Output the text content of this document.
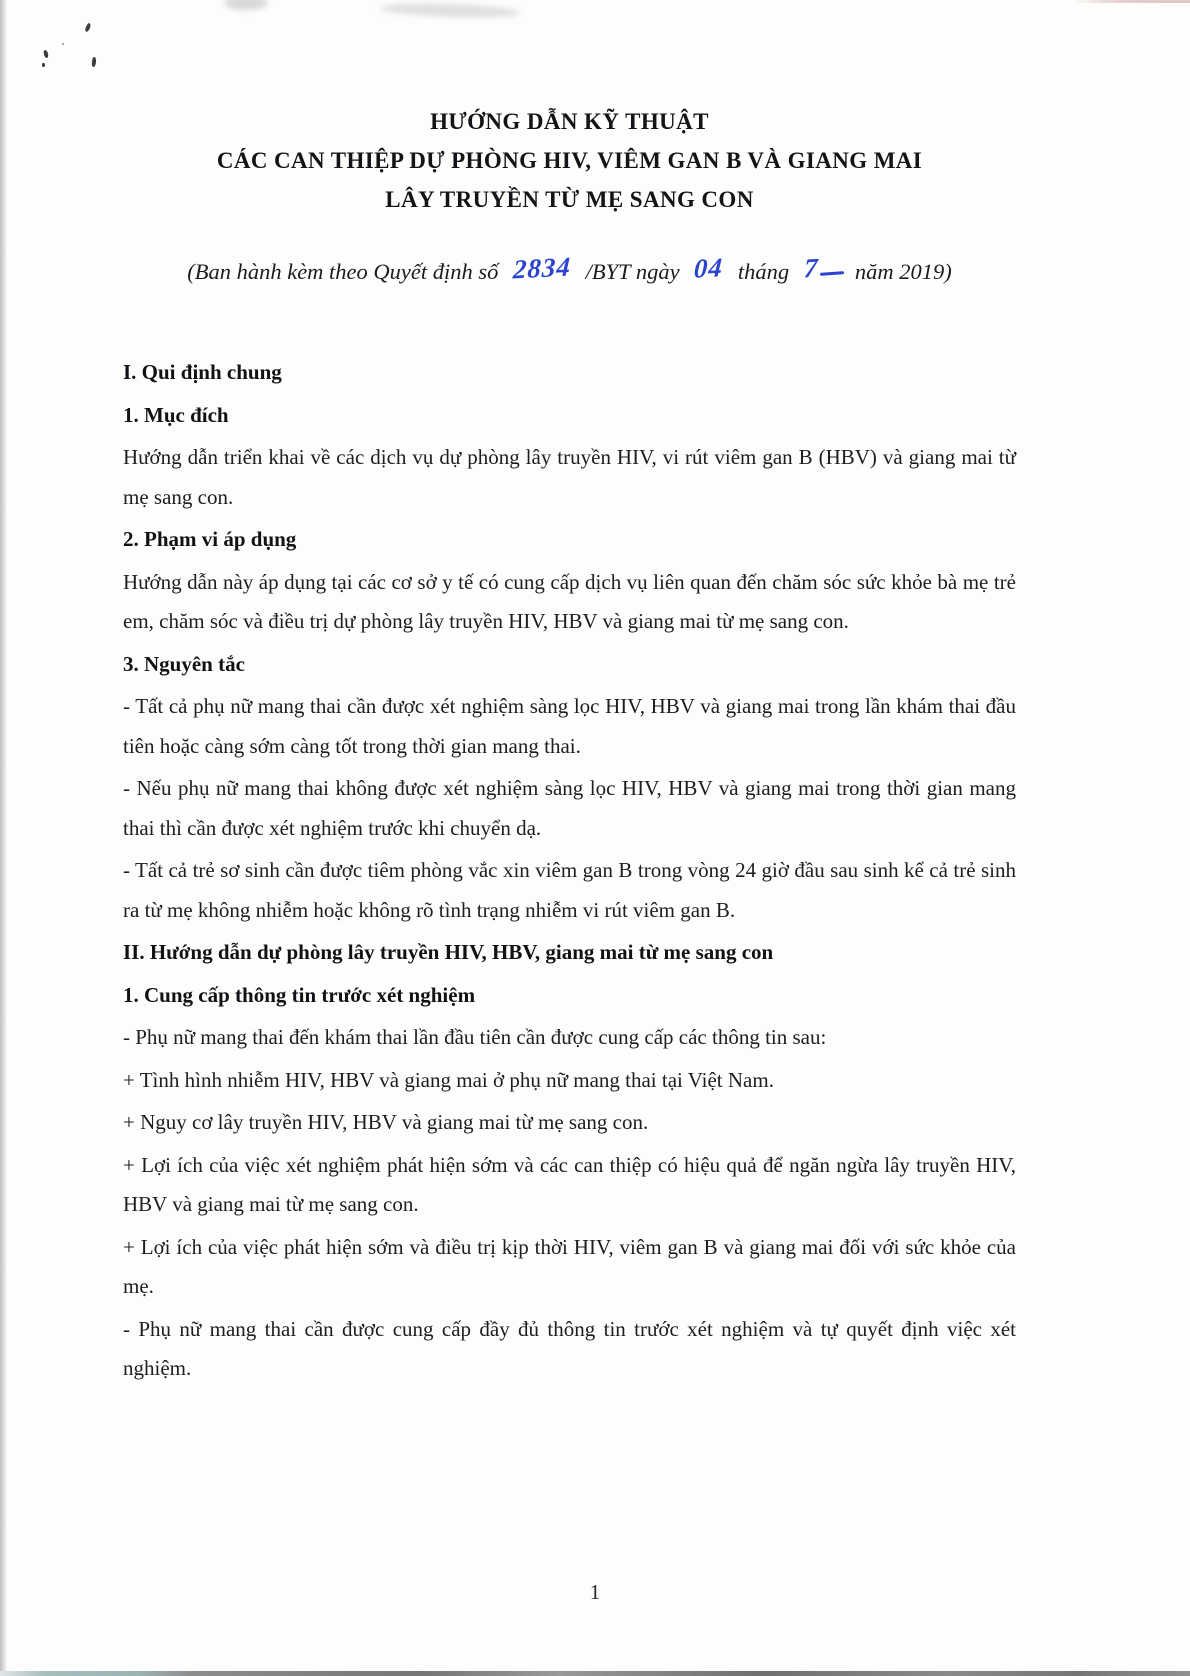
HƯỚNG DẪN KỸ THUẬT
CÁC CAN THIỆP DỰ PHÒNG HIV, VIÊM GAN B VÀ GIANG MAI
LÂY TRUYỀN TỪ MẸ SANG CON
(Ban hành kèm theo Quyết định số 2834 /BYT ngày 04 tháng 7 năm 2019)

I. Qui định chung

1. Mục đích

Hướng dẫn triển khai về các dịch vụ dự phòng lây truyền HIV, vi rút viêm gan B (HBV) và giang mai từ mẹ sang con.

2. Phạm vi áp dụng

Hướng dẫn này áp dụng tại các cơ sở y tế có cung cấp dịch vụ liên quan đến chăm sóc sức khỏe bà mẹ trẻ em, chăm sóc và điều trị dự phòng lây truyền HIV, HBV và giang mai từ mẹ sang con.

3. Nguyên tắc

- Tất cả phụ nữ mang thai cần được xét nghiệm sàng lọc HIV, HBV và giang mai trong lần khám thai đầu tiên hoặc càng sớm càng tốt trong thời gian mang thai.

- Nếu phụ nữ mang thai không được xét nghiệm sàng lọc HIV, HBV và giang mai trong thời gian mang thai thì cần được xét nghiệm trước khi chuyển dạ.

- Tất cả trẻ sơ sinh cần được tiêm phòng vắc xin viêm gan B trong vòng 24 giờ đầu sau sinh kể cả trẻ sinh ra từ mẹ không nhiễm hoặc không rõ tình trạng nhiễm vi rút viêm gan B.

II. Hướng dẫn dự phòng lây truyền HIV, HBV, giang mai từ mẹ sang con

1. Cung cấp thông tin trước xét nghiệm

- Phụ nữ mang thai đến khám thai lần đầu tiên cần được cung cấp các thông tin sau:

+ Tình hình nhiễm HIV, HBV và giang mai ở phụ nữ mang thai tại Việt Nam.

+ Nguy cơ lây truyền HIV, HBV và giang mai từ mẹ sang con.

+ Lợi ích của việc xét nghiệm phát hiện sớm và các can thiệp có hiệu quả để ngăn ngừa lây truyền HIV, HBV và giang mai từ mẹ sang con.

+ Lợi ích của việc phát hiện sớm và điều trị kịp thời HIV, viêm gan B và giang mai đối với sức khỏe của mẹ.

- Phụ nữ mang thai cần được cung cấp đầy đủ thông tin trước xét nghiệm và tự quyết định việc xét nghiệm.

1
